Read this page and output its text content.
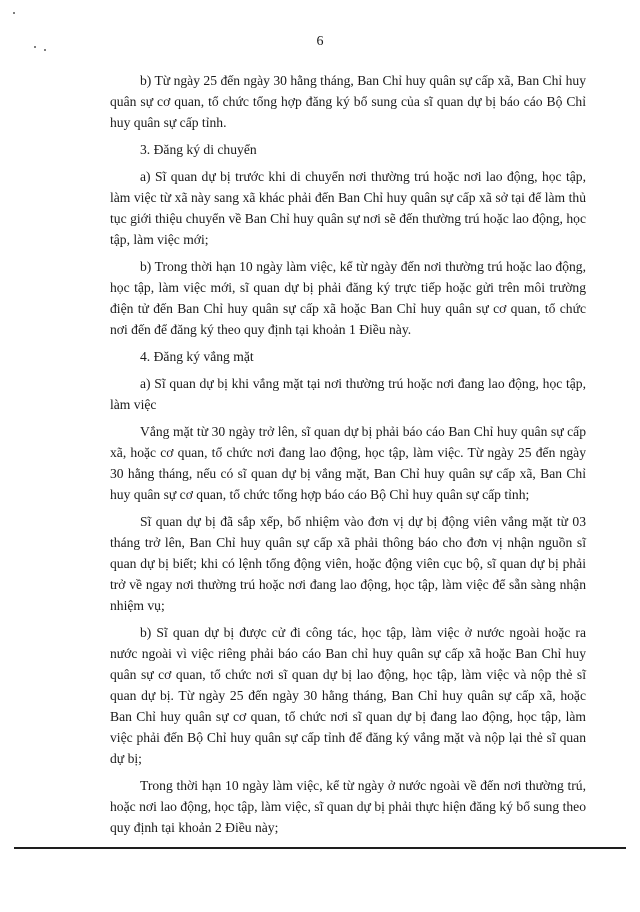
6

b) Từ ngày 25 đến ngày 30 hằng tháng, Ban Chỉ huy quân sự cấp xã, Ban Chỉ huy quân sự cơ quan, tổ chức tổng hợp đăng ký bổ sung của sĩ quan dự bị báo cáo Bộ Chỉ huy quân sự cấp tỉnh.

3. Đăng ký di chuyển

a) Sĩ quan dự bị trước khi di chuyển nơi thường trú hoặc nơi lao động, học tập, làm việc từ xã này sang xã khác phải đến Ban Chỉ huy quân sự cấp xã sở tại để làm thủ tục giới thiệu chuyển về Ban Chỉ huy quân sự nơi sẽ đến thường trú hoặc lao động, học tập, làm việc mới;

b) Trong thời hạn 10 ngày làm việc, kể từ ngày đến nơi thường trú hoặc lao động, học tập, làm việc mới, sĩ quan dự bị phải đăng ký trực tiếp hoặc gửi trên môi trường điện tử đến Ban Chỉ huy quân sự cấp xã hoặc Ban Chỉ huy quân sự cơ quan, tổ chức nơi đến để đăng ký theo quy định tại khoản 1 Điều này.

4. Đăng ký vắng mặt

a) Sĩ quan dự bị khi vắng mặt tại nơi thường trú hoặc nơi đang lao động, học tập, làm việc

Vắng mặt từ 30 ngày trở lên, sĩ quan dự bị phải báo cáo Ban Chỉ huy quân sự cấp xã, hoặc cơ quan, tổ chức nơi đang lao động, học tập, làm việc. Từ ngày 25 đến ngày 30 hằng tháng, nếu có sĩ quan dự bị vắng mặt, Ban Chỉ huy quân sự cấp xã, Ban Chỉ huy quân sự cơ quan, tổ chức tổng hợp báo cáo Bộ Chỉ huy quân sự cấp tỉnh;

Sĩ quan dự bị đã sắp xếp, bổ nhiệm vào đơn vị dự bị động viên vắng mặt từ 03 tháng trở lên, Ban Chỉ huy quân sự cấp xã phải thông báo cho đơn vị nhận nguồn sĩ quan dự bị biết; khi có lệnh tổng động viên, hoặc động viên cục bộ, sĩ quan dự bị phải trở về ngay nơi thường trú hoặc nơi đang lao động, học tập, làm việc để sẵn sàng nhận nhiệm vụ;

b) Sĩ quan dự bị được cử đi công tác, học tập, làm việc ở nước ngoài hoặc ra nước ngoài vì việc riêng phải báo cáo Ban chỉ huy quân sự cấp xã hoặc Ban Chỉ huy quân sự cơ quan, tổ chức nơi sĩ quan dự bị lao động, học tập, làm việc và nộp thẻ sĩ quan dự bị. Từ ngày 25 đến ngày 30 hằng tháng, Ban Chỉ huy quân sự cấp xã, hoặc Ban Chỉ huy quân sự cơ quan, tổ chức nơi sĩ quan dự bị đang lao động, học tập, làm việc phải đến Bộ Chỉ huy quân sự cấp tỉnh để đăng ký vắng mặt và nộp lại thẻ sĩ quan dự bị;

Trong thời hạn 10 ngày làm việc, kể từ ngày ở nước ngoài về đến nơi thường trú, hoặc nơi lao động, học tập, làm việc, sĩ quan dự bị phải thực hiện đăng ký bổ sung theo quy định tại khoản 2 Điều này;
